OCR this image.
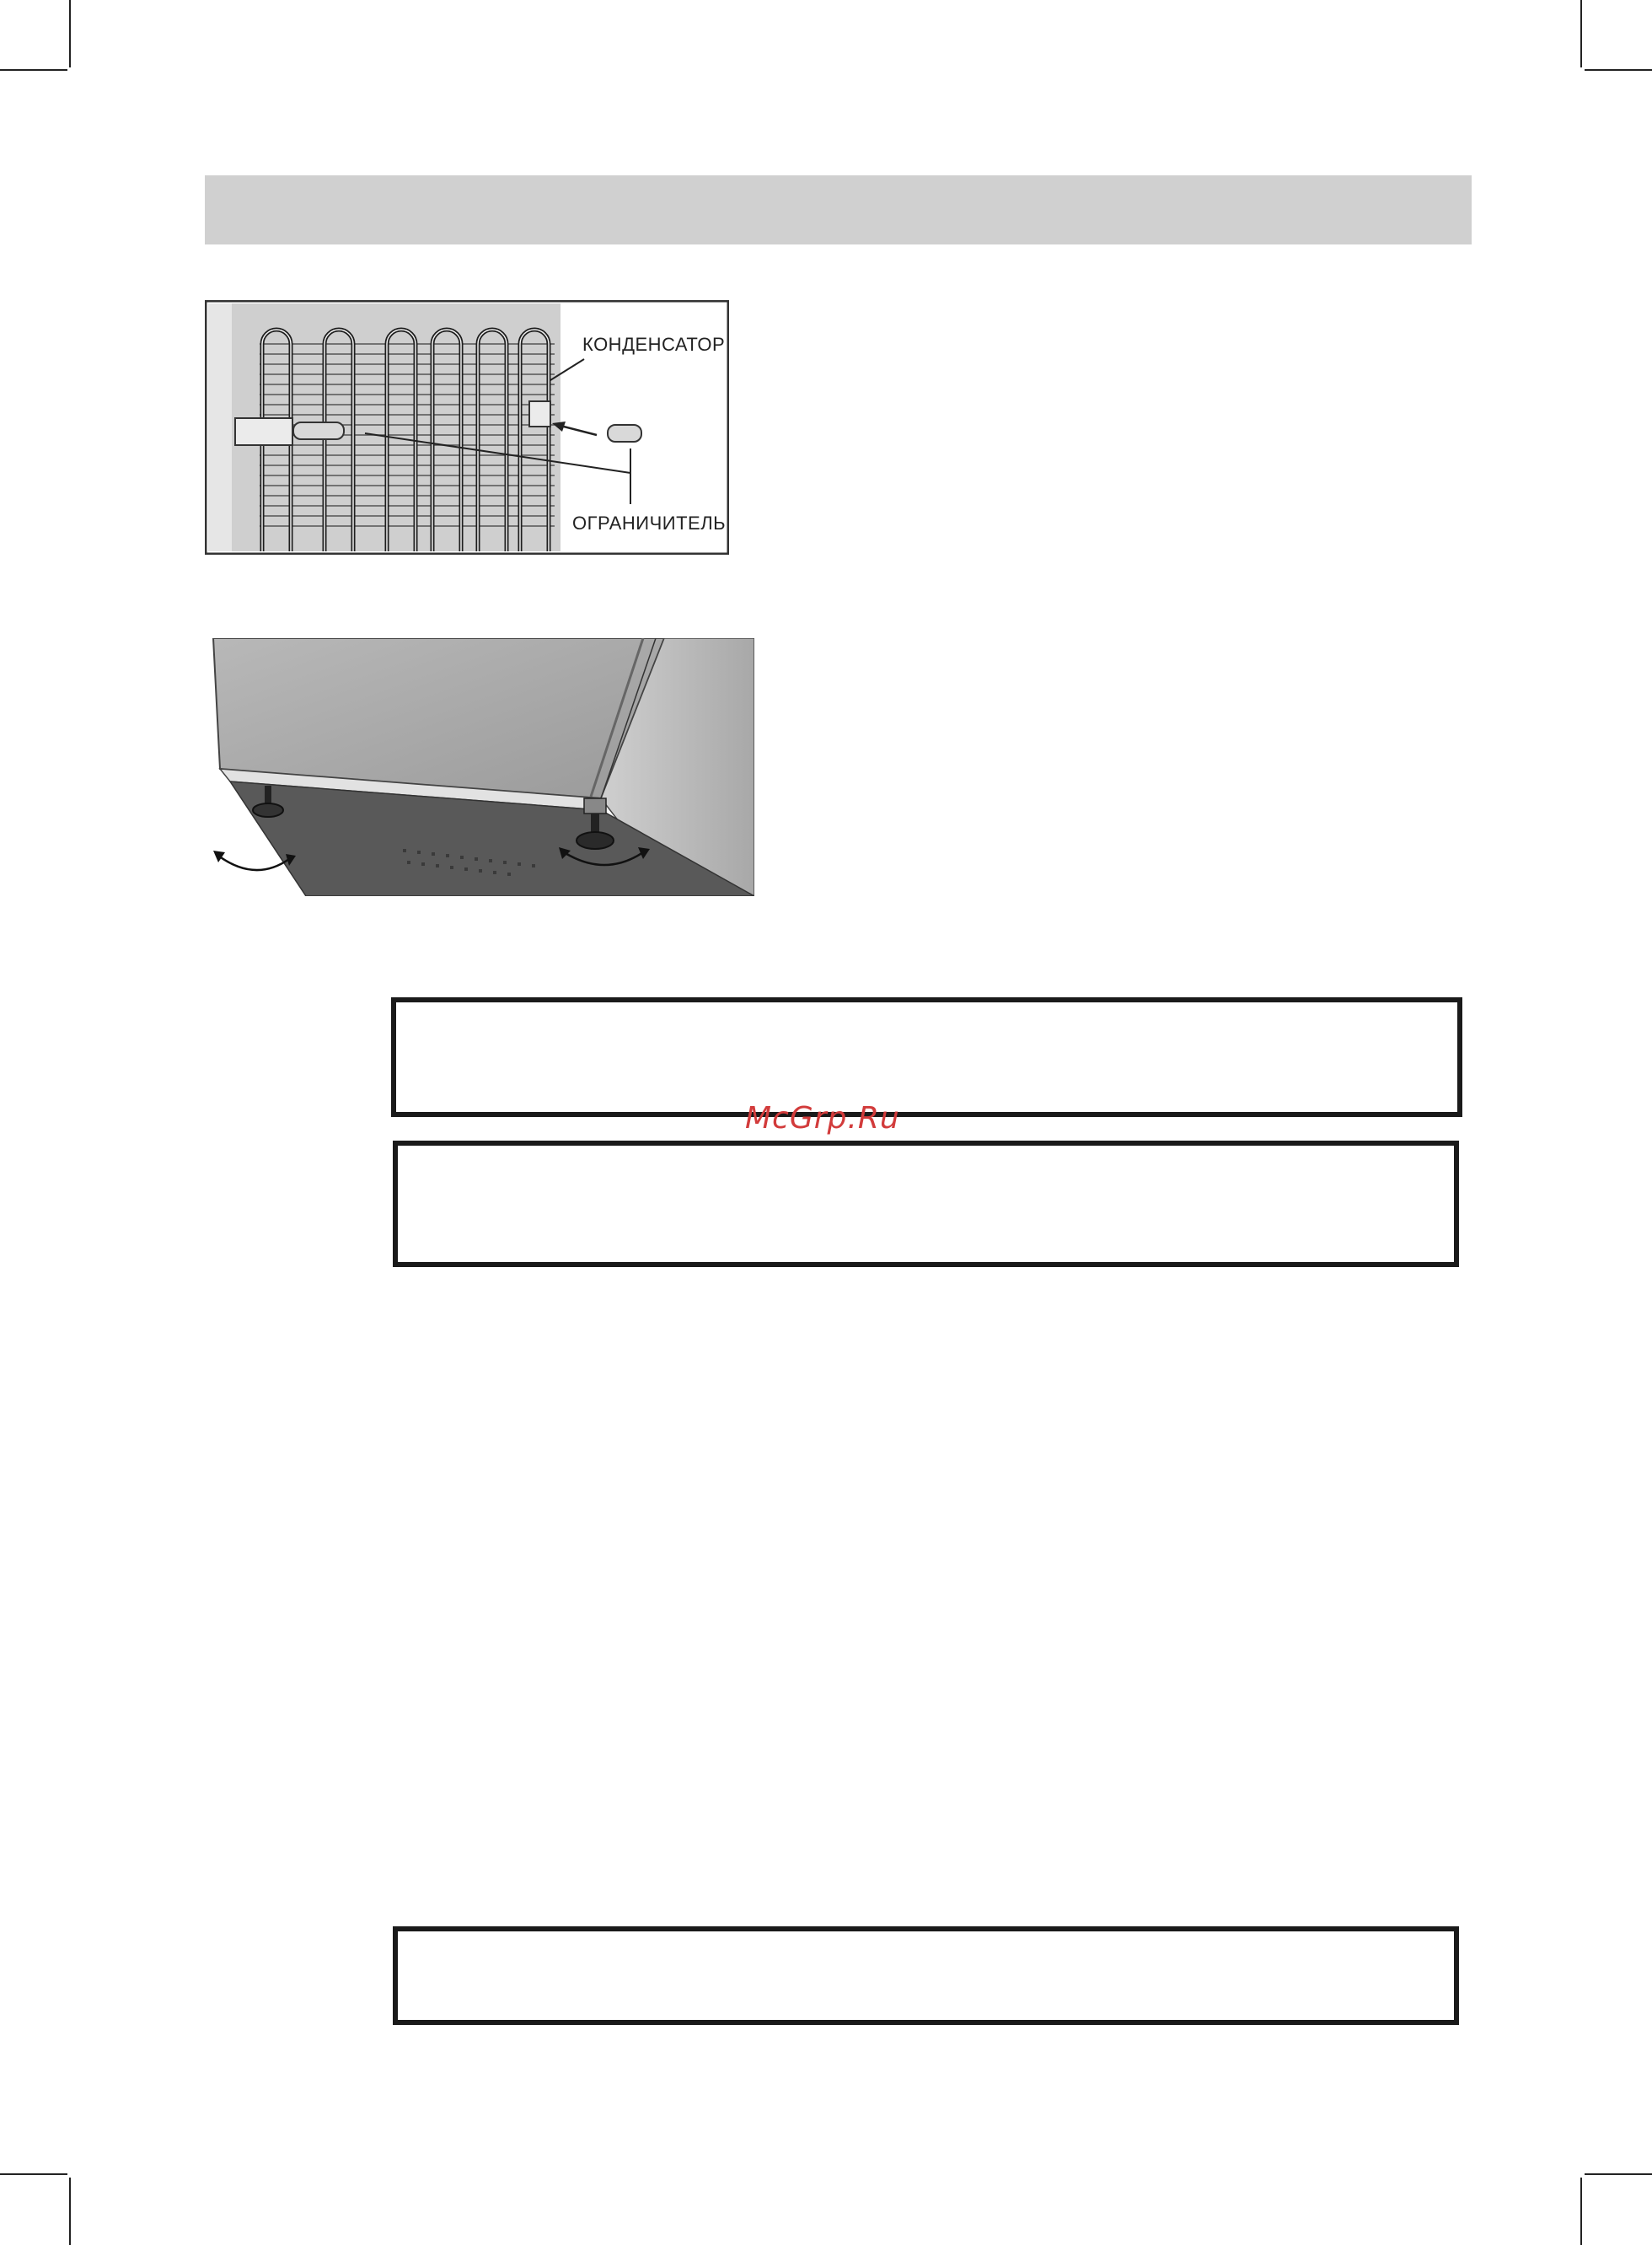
КОНДЕНСАТОР
ОГРАНИЧИТЕЛЬ
McGrp.Ru
